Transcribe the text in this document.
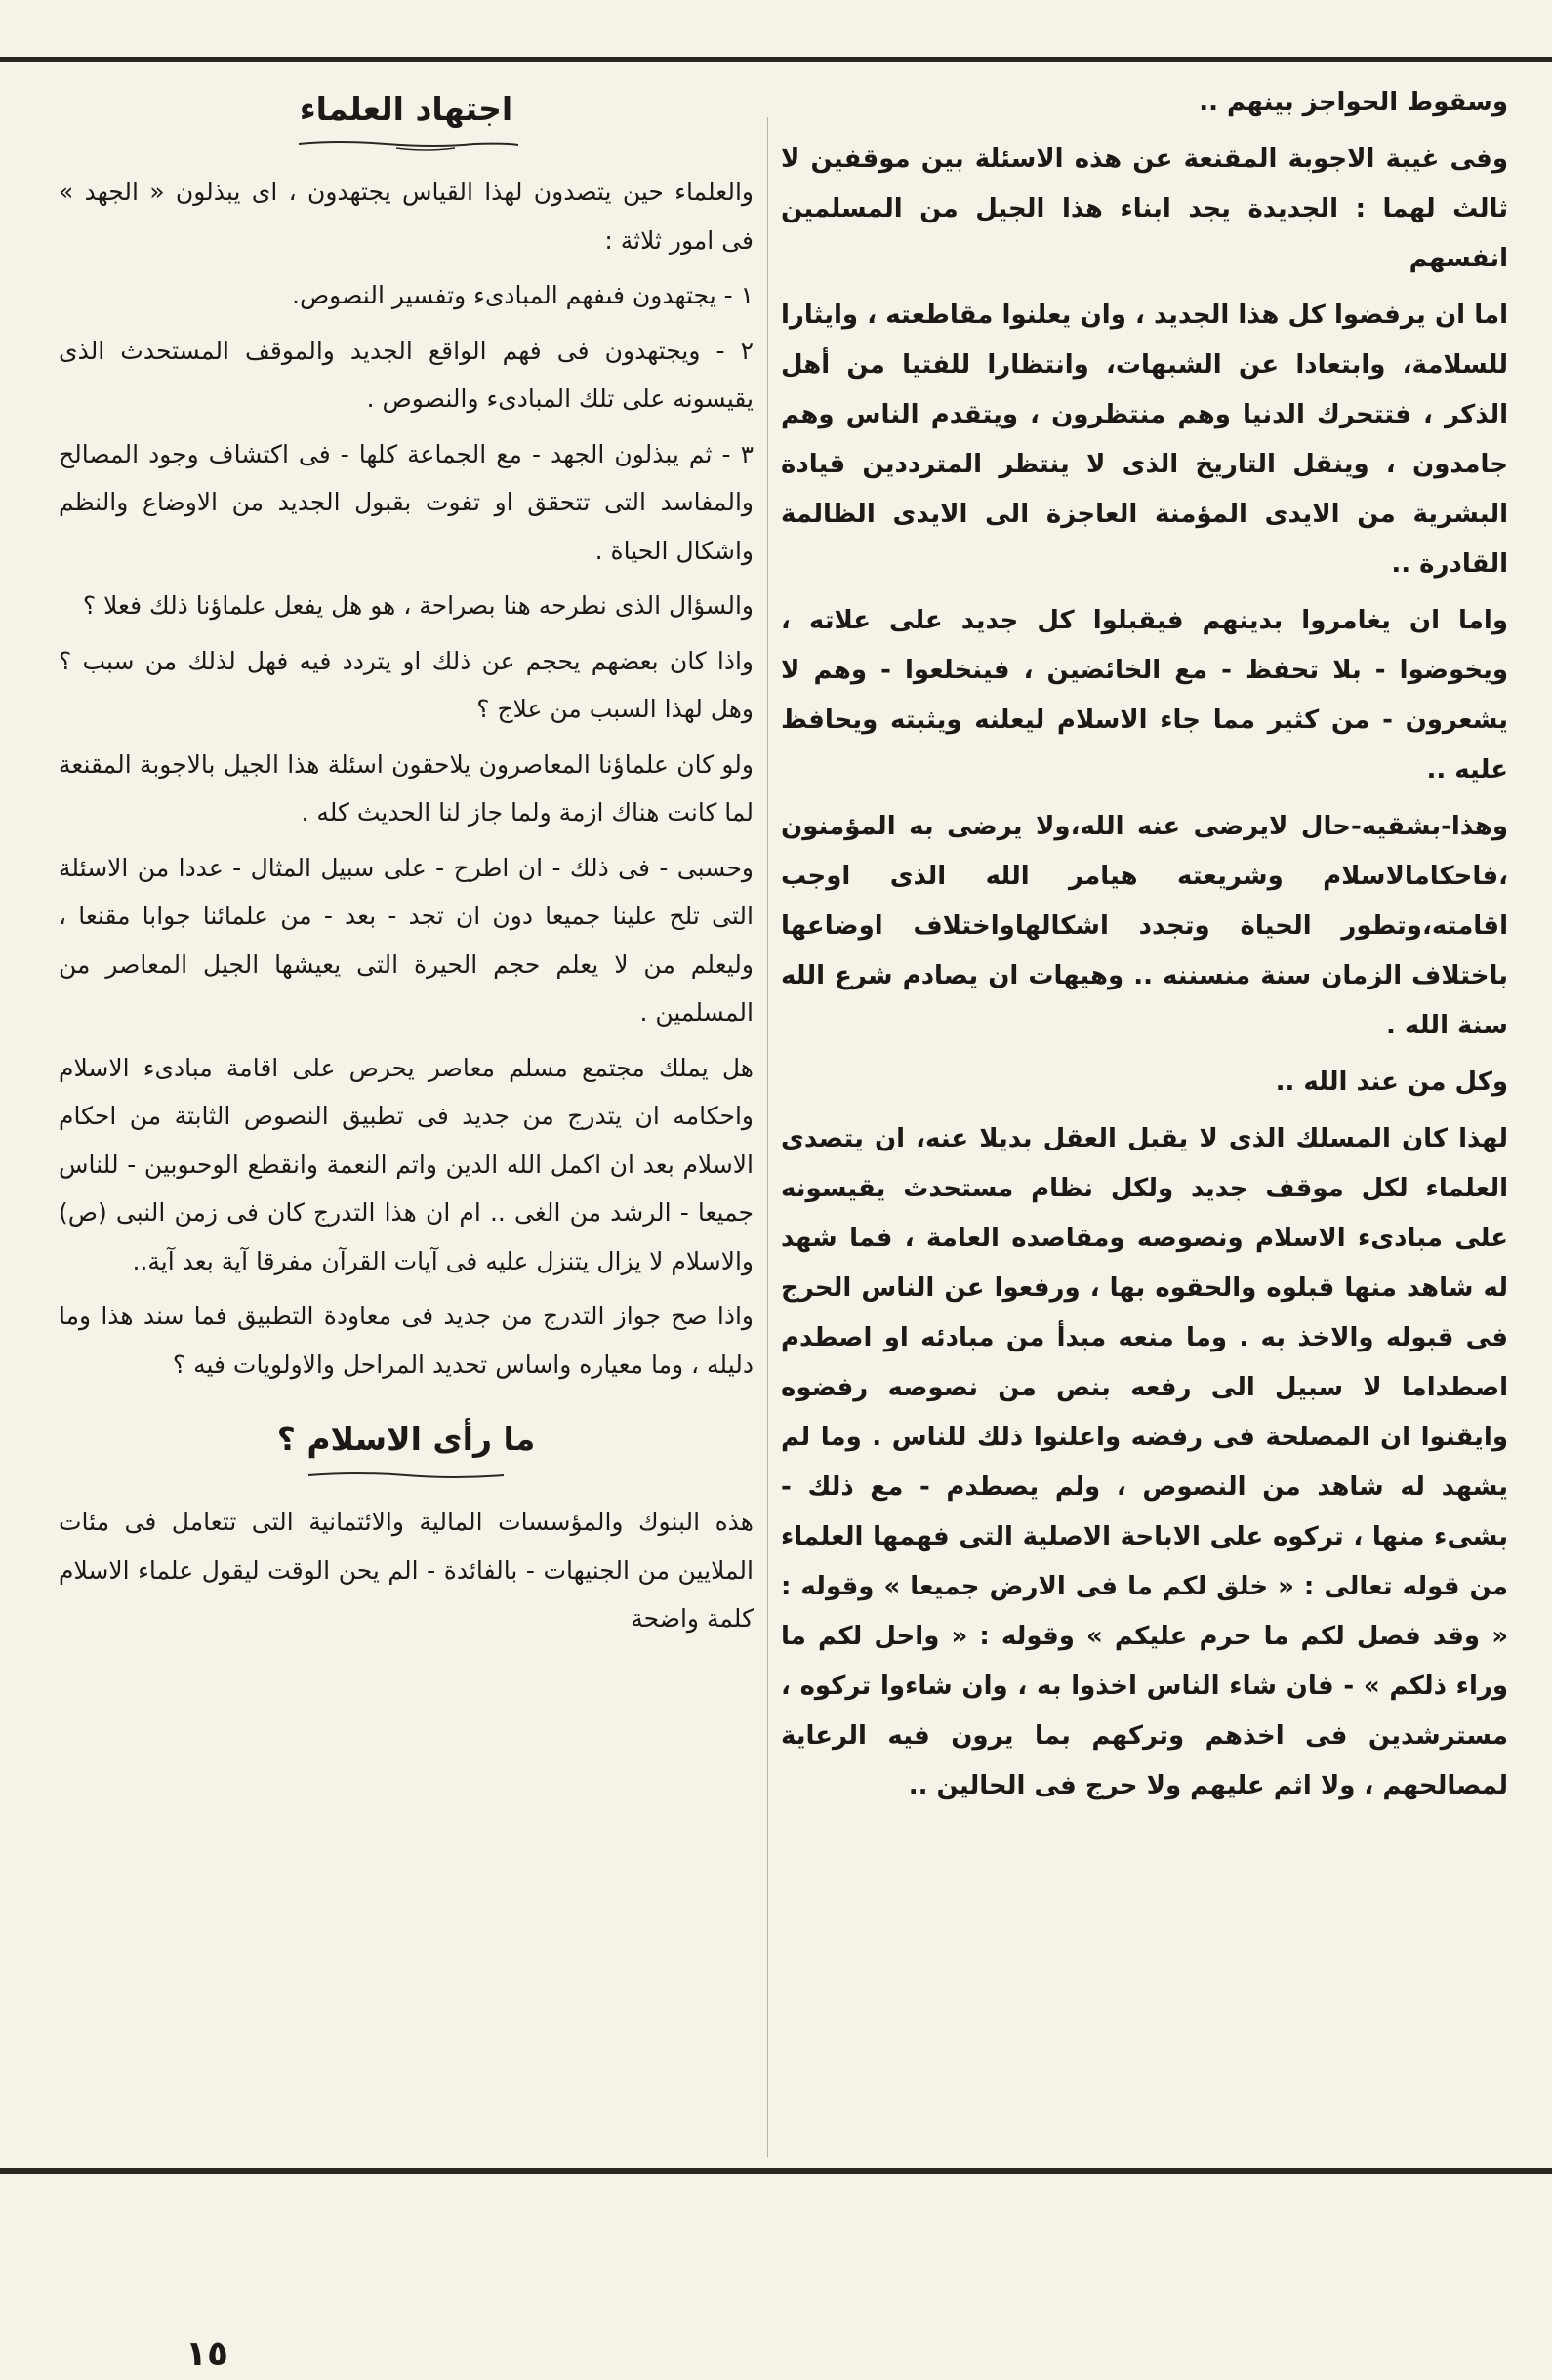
وسقوط الحواجز بينهم ..

وفى غيبة الاجوبة المقنعة عن هذه الاسئلة بين موقفين لا ثالث لهما : الجديدة يجد ابناء هذا الجيل من المسلمين انفسهم

اما ان يرفضوا كل هذا الجديد ، وان يعلنوا مقاطعته ، وايثارا للسلامة، وابتعادا عن الشبهات، وانتظارا للفتيا من أهل الذكر ، فتتحرك الدنيا وهم منتظرون ، ويتقدم الناس وهم جامدون ، وينقل التاريخ الذى لا ينتظر المترددين قيادة البشرية من الايدى المؤمنة العاجزة الى الايدى الظالمة القادرة ..

واما ان يغامروا بدينهم فيقبلوا كل جديد على علاته ، ويخوضوا - بلا تحفظ - مع الخائضين ، فينخلعوا - وهم لا يشعرون - من كثير مما جاء الاسلام ليعلنه ويثبته ويحافظ عليه ..

وهذا-بشقيه-حال لايرضى عنه الله،ولا يرضى به المؤمنون ،فاحكامالاسلام وشريعته هيامر الله الذى اوجب اقامته،وتطور الحياة وتجدد اشكالهاواختلاف اوضاعها باختلاف الزمان سنة منسننه .. وهيهات ان يصادم شرع الله سنة الله .

وكل من عند الله ..

لهذا كان المسلك الذى لا يقبل العقل بديلا عنه، ان يتصدى العلماء لكل موقف جديد ولكل نظام مستحدث يقيسونه على مبادىء الاسلام ونصوصه ومقاصده العامة ، فما شهد له شاهد منها قبلوه والحقوه بها ، ورفعوا عن الناس الحرج فى قبوله والاخذ به . وما منعه مبدأ من مبادئه او اصطدم اصطداما لا سبيل الى رفعه بنص من نصوصه رفضوه وايقنوا ان المصلحة فى رفضه واعلنوا ذلك للناس . وما لم يشهد له شاهد من النصوص ، ولم يصطدم - مع ذلك - بشىء منها ، تركوه على الاباحة الاصلية التى فهمها العلماء من قوله تعالى : « خلق لكم ما فى الارض جميعا » وقوله : « وقد فصل لكم ما حرم عليكم » وقوله : « واحل لكم ما وراء ذلكم » - فان شاء الناس اخذوا به ، وان شاءوا تركوه ، مسترشدين فى اخذهم وتركهم بما يرون فيه الرعاية لمصالحهم ، ولا اثم عليهم ولا حرج فى الحالين ..

اجتهاد العلماء

والعلماء حين يتصدون لهذا القياس يجتهدون ، اى يبذلون « الجهد » فى امور ثلاثة :

١ - يجتهدون فىفهم المبادىء وتفسير النصوص.

٢ - ويجتهدون فى فهم الواقع الجديد والموقف المستحدث الذى يقيسونه على تلك المبادىء والنصوص .

٣ - ثم يبذلون الجهد - مع الجماعة كلها - فى اكتشاف وجود المصالح والمفاسد التى تتحقق او تفوت بقبول الجديد من الاوضاع والنظم واشكال الحياة .

والسؤال الذى نطرحه هنا بصراحة ، هو هل يفعل علماؤنا ذلك فعلا ؟

واذا كان بعضهم يحجم عن ذلك او يتردد فيه فهل لذلك من سبب ؟ وهل لهذا السبب من علاج ؟

ولو كان علماؤنا المعاصرون يلاحقون اسئلة هذا الجيل بالاجوبة المقنعة لما كانت هناك ازمة ولما جاز لنا الحديث كله .

وحسبى - فى ذلك - ان اطرح - على سبيل المثال - عددا من الاسئلة التى تلح علينا جميعا دون ان تجد - بعد - من علمائنا جوابا مقنعا ، وليعلم من لا يعلم حجم الحيرة التى يعيشها الجيل المعاصر من المسلمين .

هل يملك مجتمع مسلم معاصر يحرص على اقامة مبادىء الاسلام واحكامه ان يتدرج من جديد فى تطبيق النصوص الثابتة من احكام الاسلام بعد ان اكمل الله الدين واتم النعمة وانقطع الوحىوبين - للناس جميعا - الرشد من الغى .. ام ان هذا التدرج كان فى زمن النبى (ص) والاسلام لا يزال يتنزل عليه فى آيات القرآن مفرقا آية بعد آية..

واذا صح جواز التدرج من جديد فى معاودة التطبيق فما سند هذا وما دليله ، وما معياره واساس تحديد المراحل والاولويات فيه ؟

ما رأى الاسلام ؟

هذه البنوك والمؤسسات المالية والائتمانية التى تتعامل فى مئات الملايين من الجنيهات - بالفائدة - الم يحن الوقت ليقول علماء الاسلام كلمة واضحة

١٥
